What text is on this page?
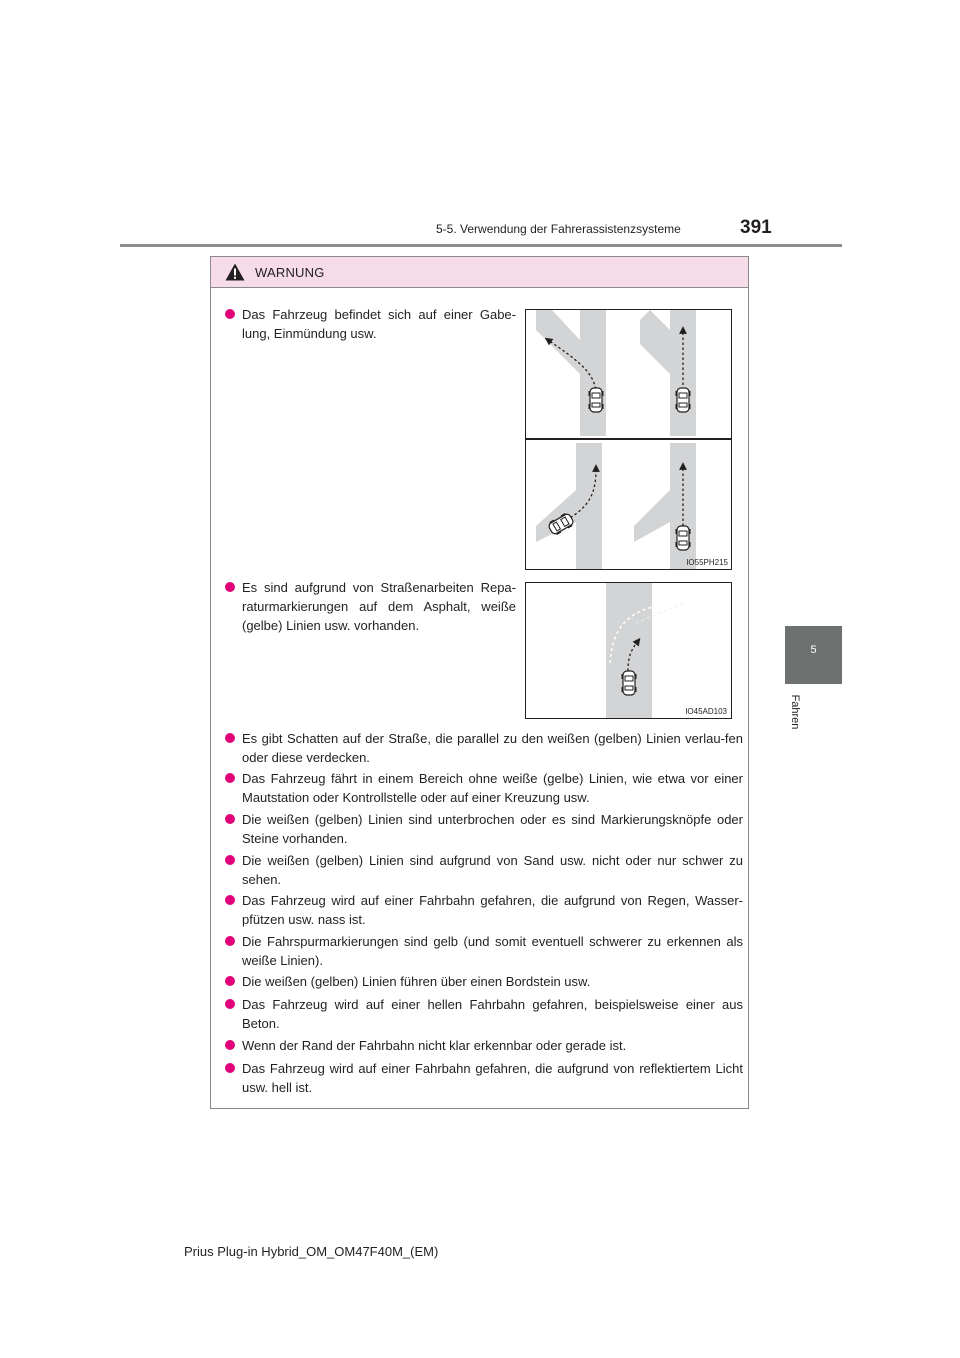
5-5. Verwendung der Fahrerassistenzsysteme	391
5
Fahren
WARNUNG
Das Fahrzeug befindet sich auf einer Gabe-lung, Einmündung usw.
Es sind aufgrund von Straßenarbeiten Repa-raturmarkierungen auf dem Asphalt, weiße (gelbe) Linien usw. vorhanden.
Es gibt Schatten auf der Straße, die parallel zu den weißen (gelben) Linien verlau-fen oder diese verdecken.
Das Fahrzeug fährt in einem Bereich ohne weiße (gelbe) Linien, wie etwa vor einer Mautstation oder Kontrollstelle oder auf einer Kreuzung usw.
Die weißen (gelben) Linien sind unterbrochen oder es sind Markierungsknöpfe oder Steine vorhanden.
Die weißen (gelben) Linien sind aufgrund von Sand usw. nicht oder nur schwer zu sehen.
Das Fahrzeug wird auf einer Fahrbahn gefahren, die aufgrund von Regen, Wasser-pfützen usw. nass ist.
Die Fahrspurmarkierungen sind gelb (und somit eventuell schwerer zu erkennen als weiße Linien).
Die weißen (gelben) Linien führen über einen Bordstein usw.
Das Fahrzeug wird auf einer hellen Fahrbahn gefahren, beispielsweise einer aus Beton.
Wenn der Rand der Fahrbahn nicht klar erkennbar oder gerade ist.
Das Fahrzeug wird auf einer Fahrbahn gefahren, die aufgrund von reflektiertem Licht usw. hell ist.
IO55PH215
IO45AD103
Prius Plug-in Hybrid_OM_OM47F40M_(EM)
